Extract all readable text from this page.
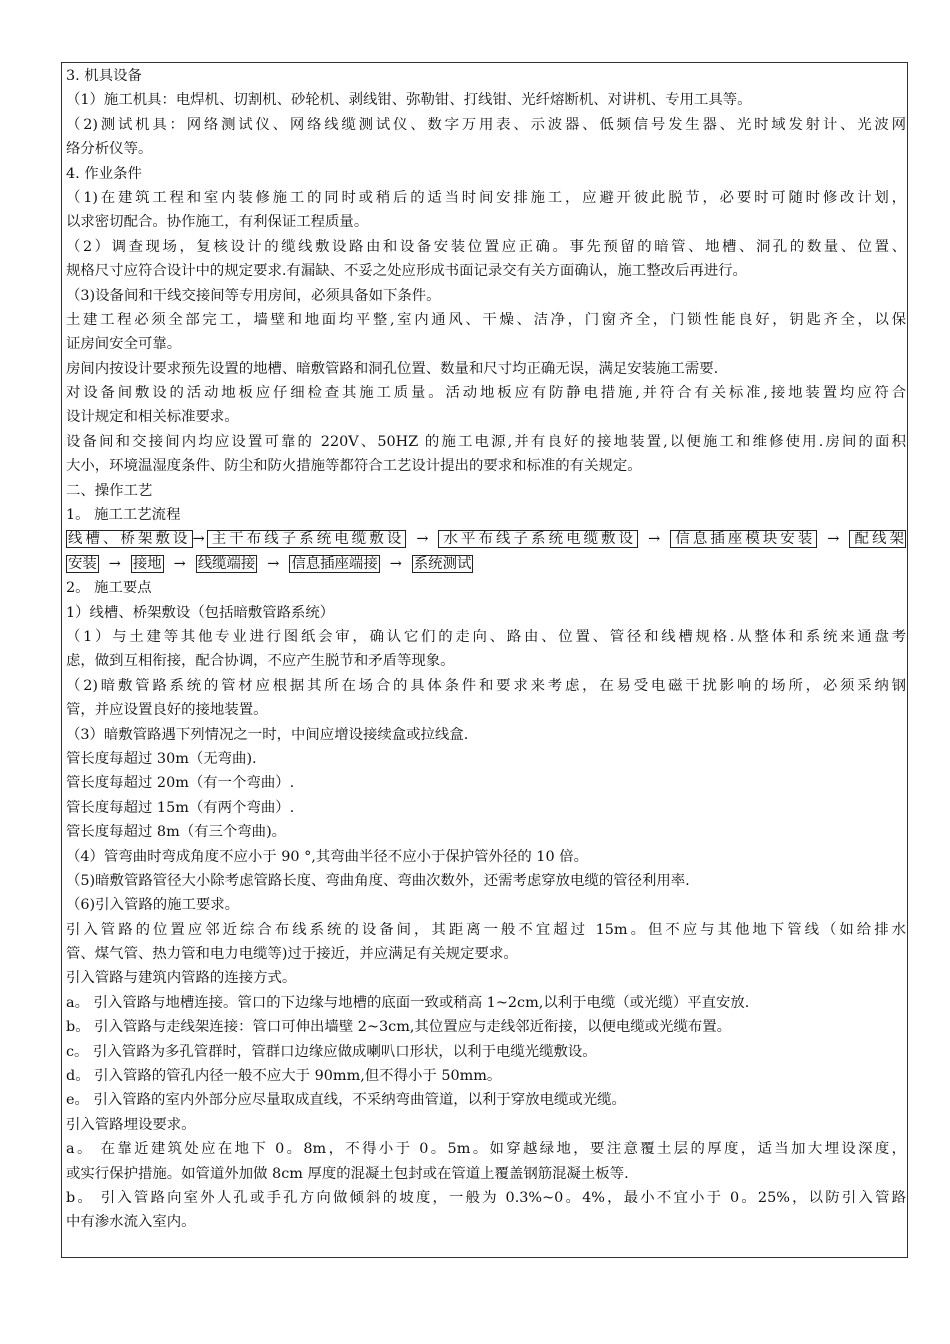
3. 机具设备
（1）施工机具：电焊机、切割机、砂轮机、剥线钳、弥勒钳、打线钳、光纤熔断机、对讲机、专用工具等。
（2)测试机具：网络测试仪、网络线缆测试仪、数字万用表、示波器、低频信号发生器、光时域发射计、光波网
络分析仪等。
4. 作业条件
（1)在建筑工程和室内装修施工的同时或稍后的适当时间安排施工，应避开彼此脱节，必要时可随时修改计划，
以求密切配合。协作施工，有利保证工程质量。
（2）调查现场，复核设计的缆线敷设路由和设备安装位置应正确。事先预留的暗管、地槽、洞孔的数量、位置、
规格尺寸应符合设计中的规定要求.有漏缺、不妥之处应形成书面记录交有关方面确认，施工整改后再进行。
（3)设备间和干线交接间等专用房间，必须具备如下条件。
土建工程必须全部完工，墙壁和地面均平整,室内通风、干燥、洁净，门窗齐全，门锁性能良好，钥匙齐全，以保
证房间安全可靠。
房间内按设计要求预先设置的地槽、暗敷管路和洞孔位置、数量和尺寸均正确无误，满足安装施工需要.
对设备间敷设的活动地板应仔细检查其施工质量。活动地板应有防静电措施,并符合有关标准,接地装置均应符合
设计规定和相关标准要求。
设备间和交接间内均应设置可靠的 220V、50HZ 的施工电源,并有良好的接地装置,以便施工和维修使用.房间的面积
大小，环境温湿度条件、防尘和防火措施等都符合工艺设计提出的要求和标准的有关规定。
二、操作工艺
1。 施工工艺流程
线槽、桥架敷设 → 主干布线子系统电缆敷设 → 水平布线子系统电缆敷设 → 信息插座模块安装 → 配线架
安装 → 接地 → 线缆端接 → 信息插座端接 → 系统测试
2。 施工要点
1）线槽、桥架敷设（包括暗敷管路系统）
（1）与土建等其他专业进行图纸会审，确认它们的走向、路由、位置、管径和线槽规格.从整体和系统来通盘考
虑，做到互相衔接，配合协调，不应产生脱节和矛盾等现象。
（2)暗敷管路系统的管材应根据其所在场合的具体条件和要求来考虑，在易受电磁干扰影响的场所，必须采纳钢
管，并应设置良好的接地装置。
（3）暗敷管路遇下列情况之一时，中间应增设接续盒或拉线盒.
管长度每超过 30m（无弯曲).
管长度每超过 20m（有一个弯曲）.
管长度每超过 15m（有两个弯曲）.
管长度每超过 8m（有三个弯曲)。
（4）管弯曲时弯成角度不应小于 90 °,其弯曲半径不应小于保护管外径的 10 倍。
（5)暗敷管路管径大小除考虑管路长度、弯曲角度、弯曲次数外，还需考虑穿放电缆的管径利用率.
（6)引入管路的施工要求。
引入管路的位置应邻近综合布线系统的设备间，其距离一般不宜超过 15m。但不应与其他地下管线（如给排水
管、煤气管、热力管和电力电缆等)过于接近，并应满足有关规定要求。
引入管路与建筑内管路的连接方式。
a。 引入管路与地槽连接。管口的下边缘与地槽的底面一致或稍高 1~2cm,以利于电缆（或光缆）平直安放.
b。 引入管路与走线架连接：管口可伸出墙壁 2~3cm,其位置应与走线邻近衔接，以便电缆或光缆布置。
c。 引入管路为多孔管群时，管群口边缘应做成喇叭口形状，以利于电缆光缆敷设。
d。 引入管路的管孔内径一般不应大于 90mm,但不得小于 50mm。
e。 引入管路的室内外部分应尽量取成直线，不采纳弯曲管道，以利于穿放电缆或光缆。
引入管路埋设要求。
a。 在靠近建筑处应在地下 0。8m，不得小于 0。5m。如穿越绿地，要注意覆土层的厚度，适当加大埋设深度，
或实行保护措施。如管道外加做 8cm 厚度的混凝土包封或在管道上覆盖钢筋混凝土板等.
b。 引入管路向室外人孔或手孔方向做倾斜的坡度，一般为 0.3%~0。4%，最小不宜小于 0。25%，以防引入管路
中有渗水流入室内。
